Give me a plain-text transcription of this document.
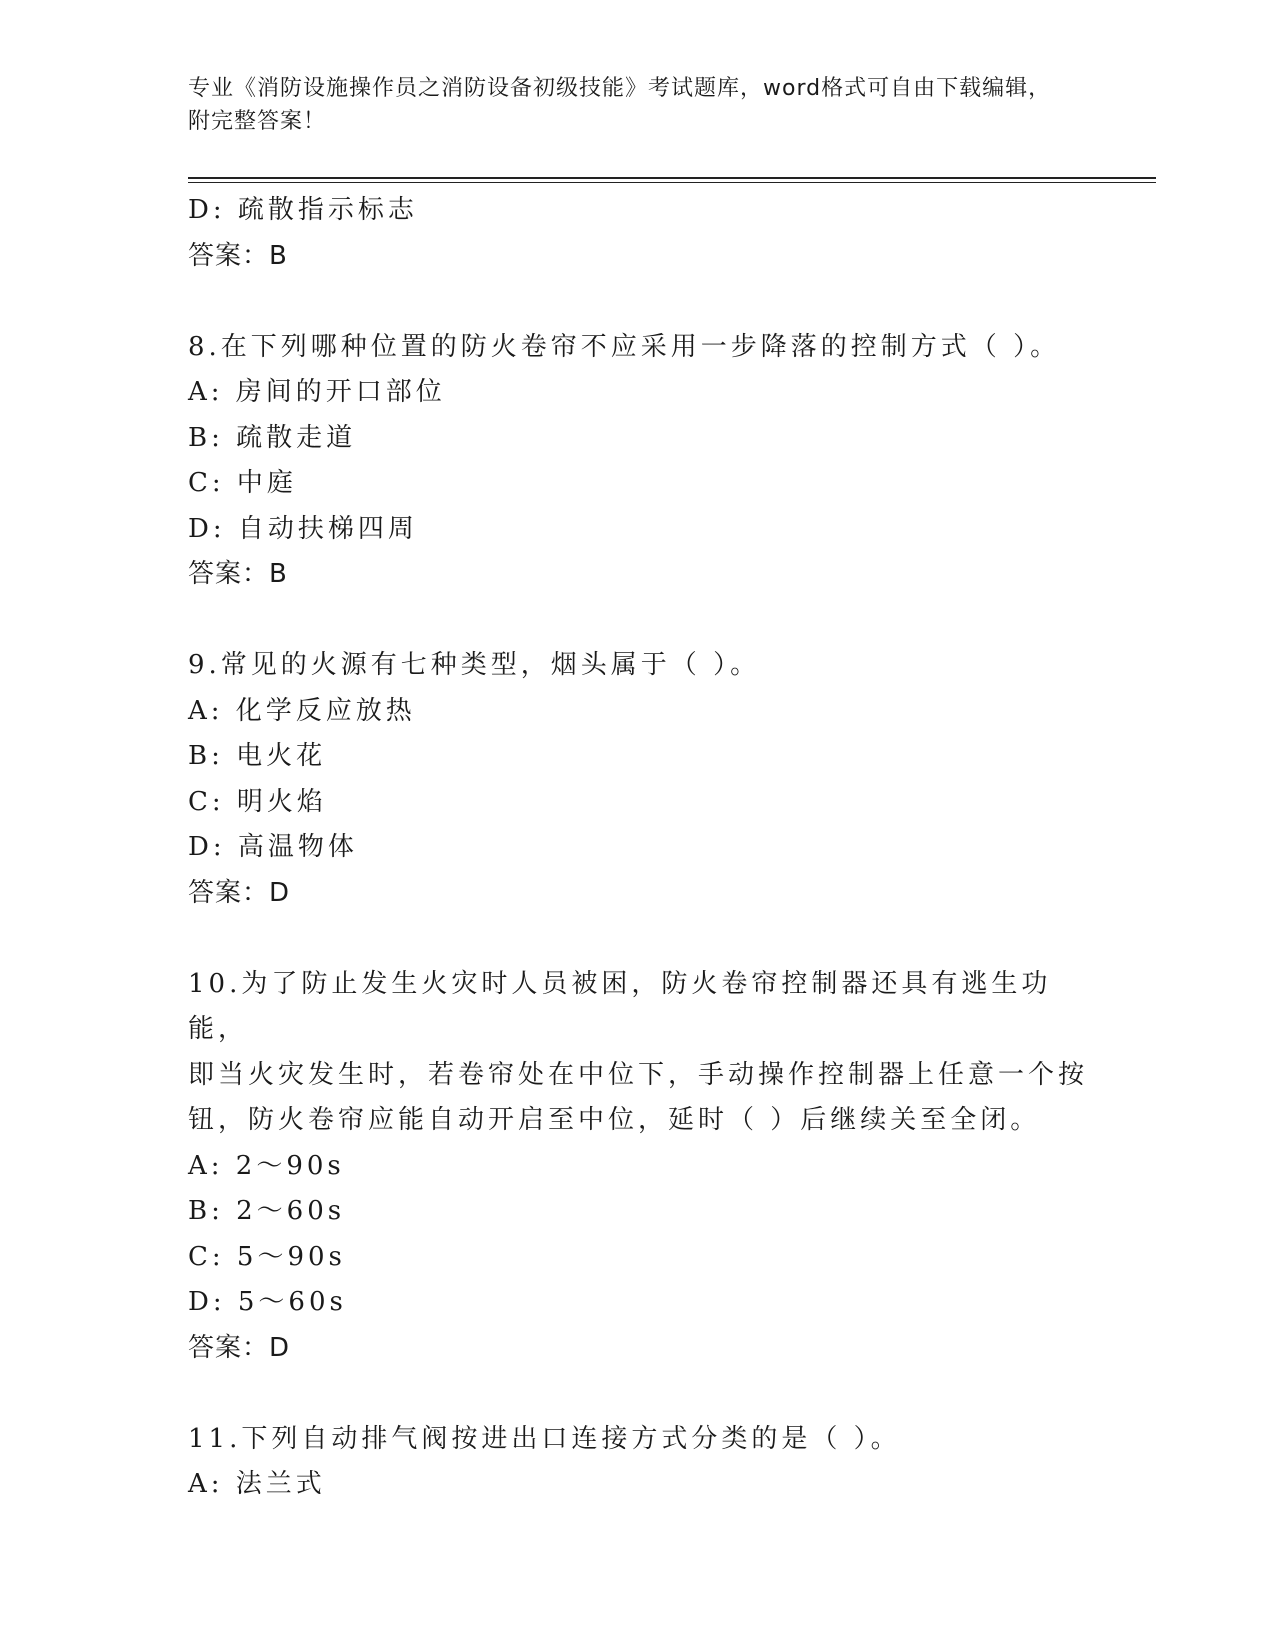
专业《消防设施操作员之消防设备初级技能》考试题库，word格式可自由下载编辑，附完整答案！
D: 疏散指示标志
答案：B
8.在下列哪种位置的防火卷帘不应采用一步降落的控制方式（ ）。
A: 房间的开口部位
B: 疏散走道
C: 中庭
D: 自动扶梯四周
答案：B
9.常见的火源有七种类型，烟头属于（ ）。
A: 化学反应放热
B: 电火花
C: 明火焰
D: 高温物体
答案：D
10.为了防止发生火灾时人员被困，防火卷帘控制器还具有逃生功能，
即当火灾发生时，若卷帘处在中位下，手动操作控制器上任意一个按
钮，防火卷帘应能自动开启至中位，延时（ ）后继续关至全闭。
A: 2～90s
B: 2～60s
C: 5～90s
D: 5～60s
答案：D
11.下列自动排气阀按进出口连接方式分类的是（ ）。
A: 法兰式
